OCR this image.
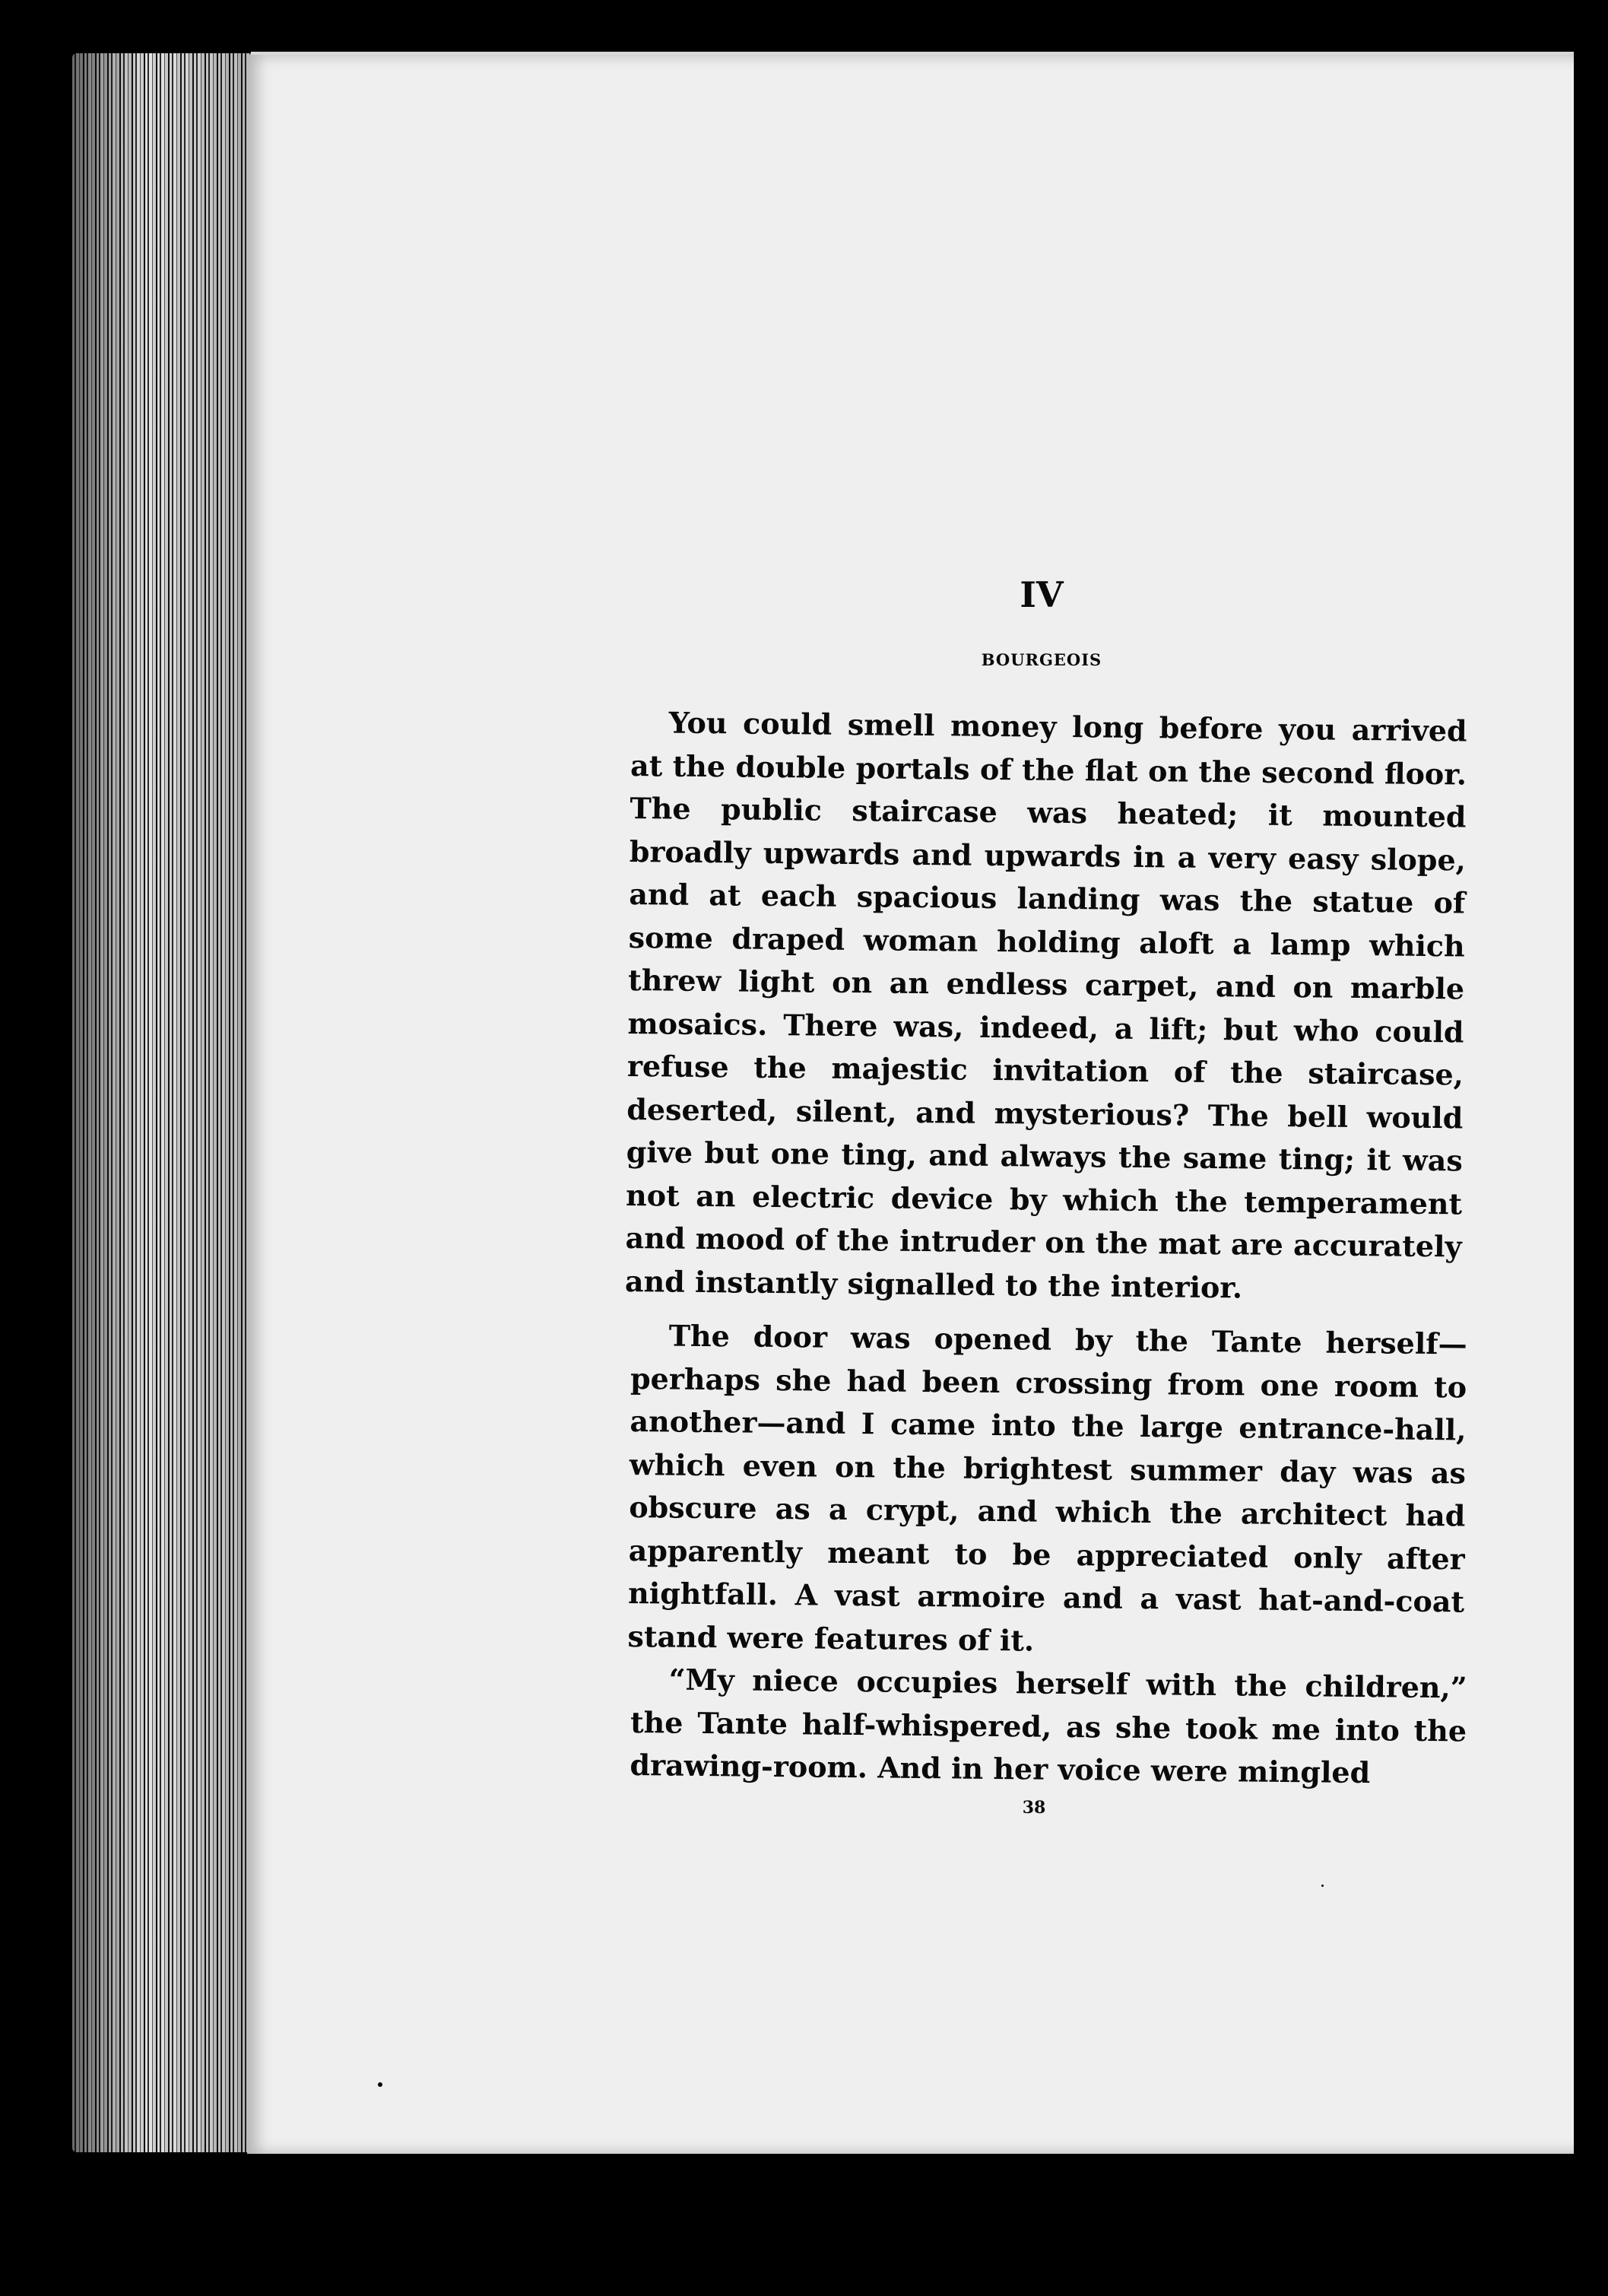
IV
BOURGEOIS

You could smell money long before you arrived at the double portals of the flat on the second floor. The public staircase was heated; it mounted broadly upwards and upwards in a very easy slope, and at each spacious landing was the statue of some draped woman holding aloft a lamp which threw light on an endless carpet, and on marble mosaics. There was, indeed, a lift; but who could refuse the majestic invitation of the staircase, deserted, silent, and mysterious? The bell would give but one ting, and always the same ting; it was not an electric device by which the temperament and mood of the intruder on the mat are accurately and instantly signalled to the interior.

The door was opened by the Tante herself—perhaps she had been crossing from one room to another—and I came into the large entrance-hall, which even on the brightest summer day was as obscure as a crypt, and which the architect had apparently meant to be appreciated only after nightfall. A vast armoire and a vast hat-and-coat stand were features of it.

“My niece occupies herself with the children,” the Tante half-whispered, as she took me into the drawing-room. And in her voice were mingled

38
